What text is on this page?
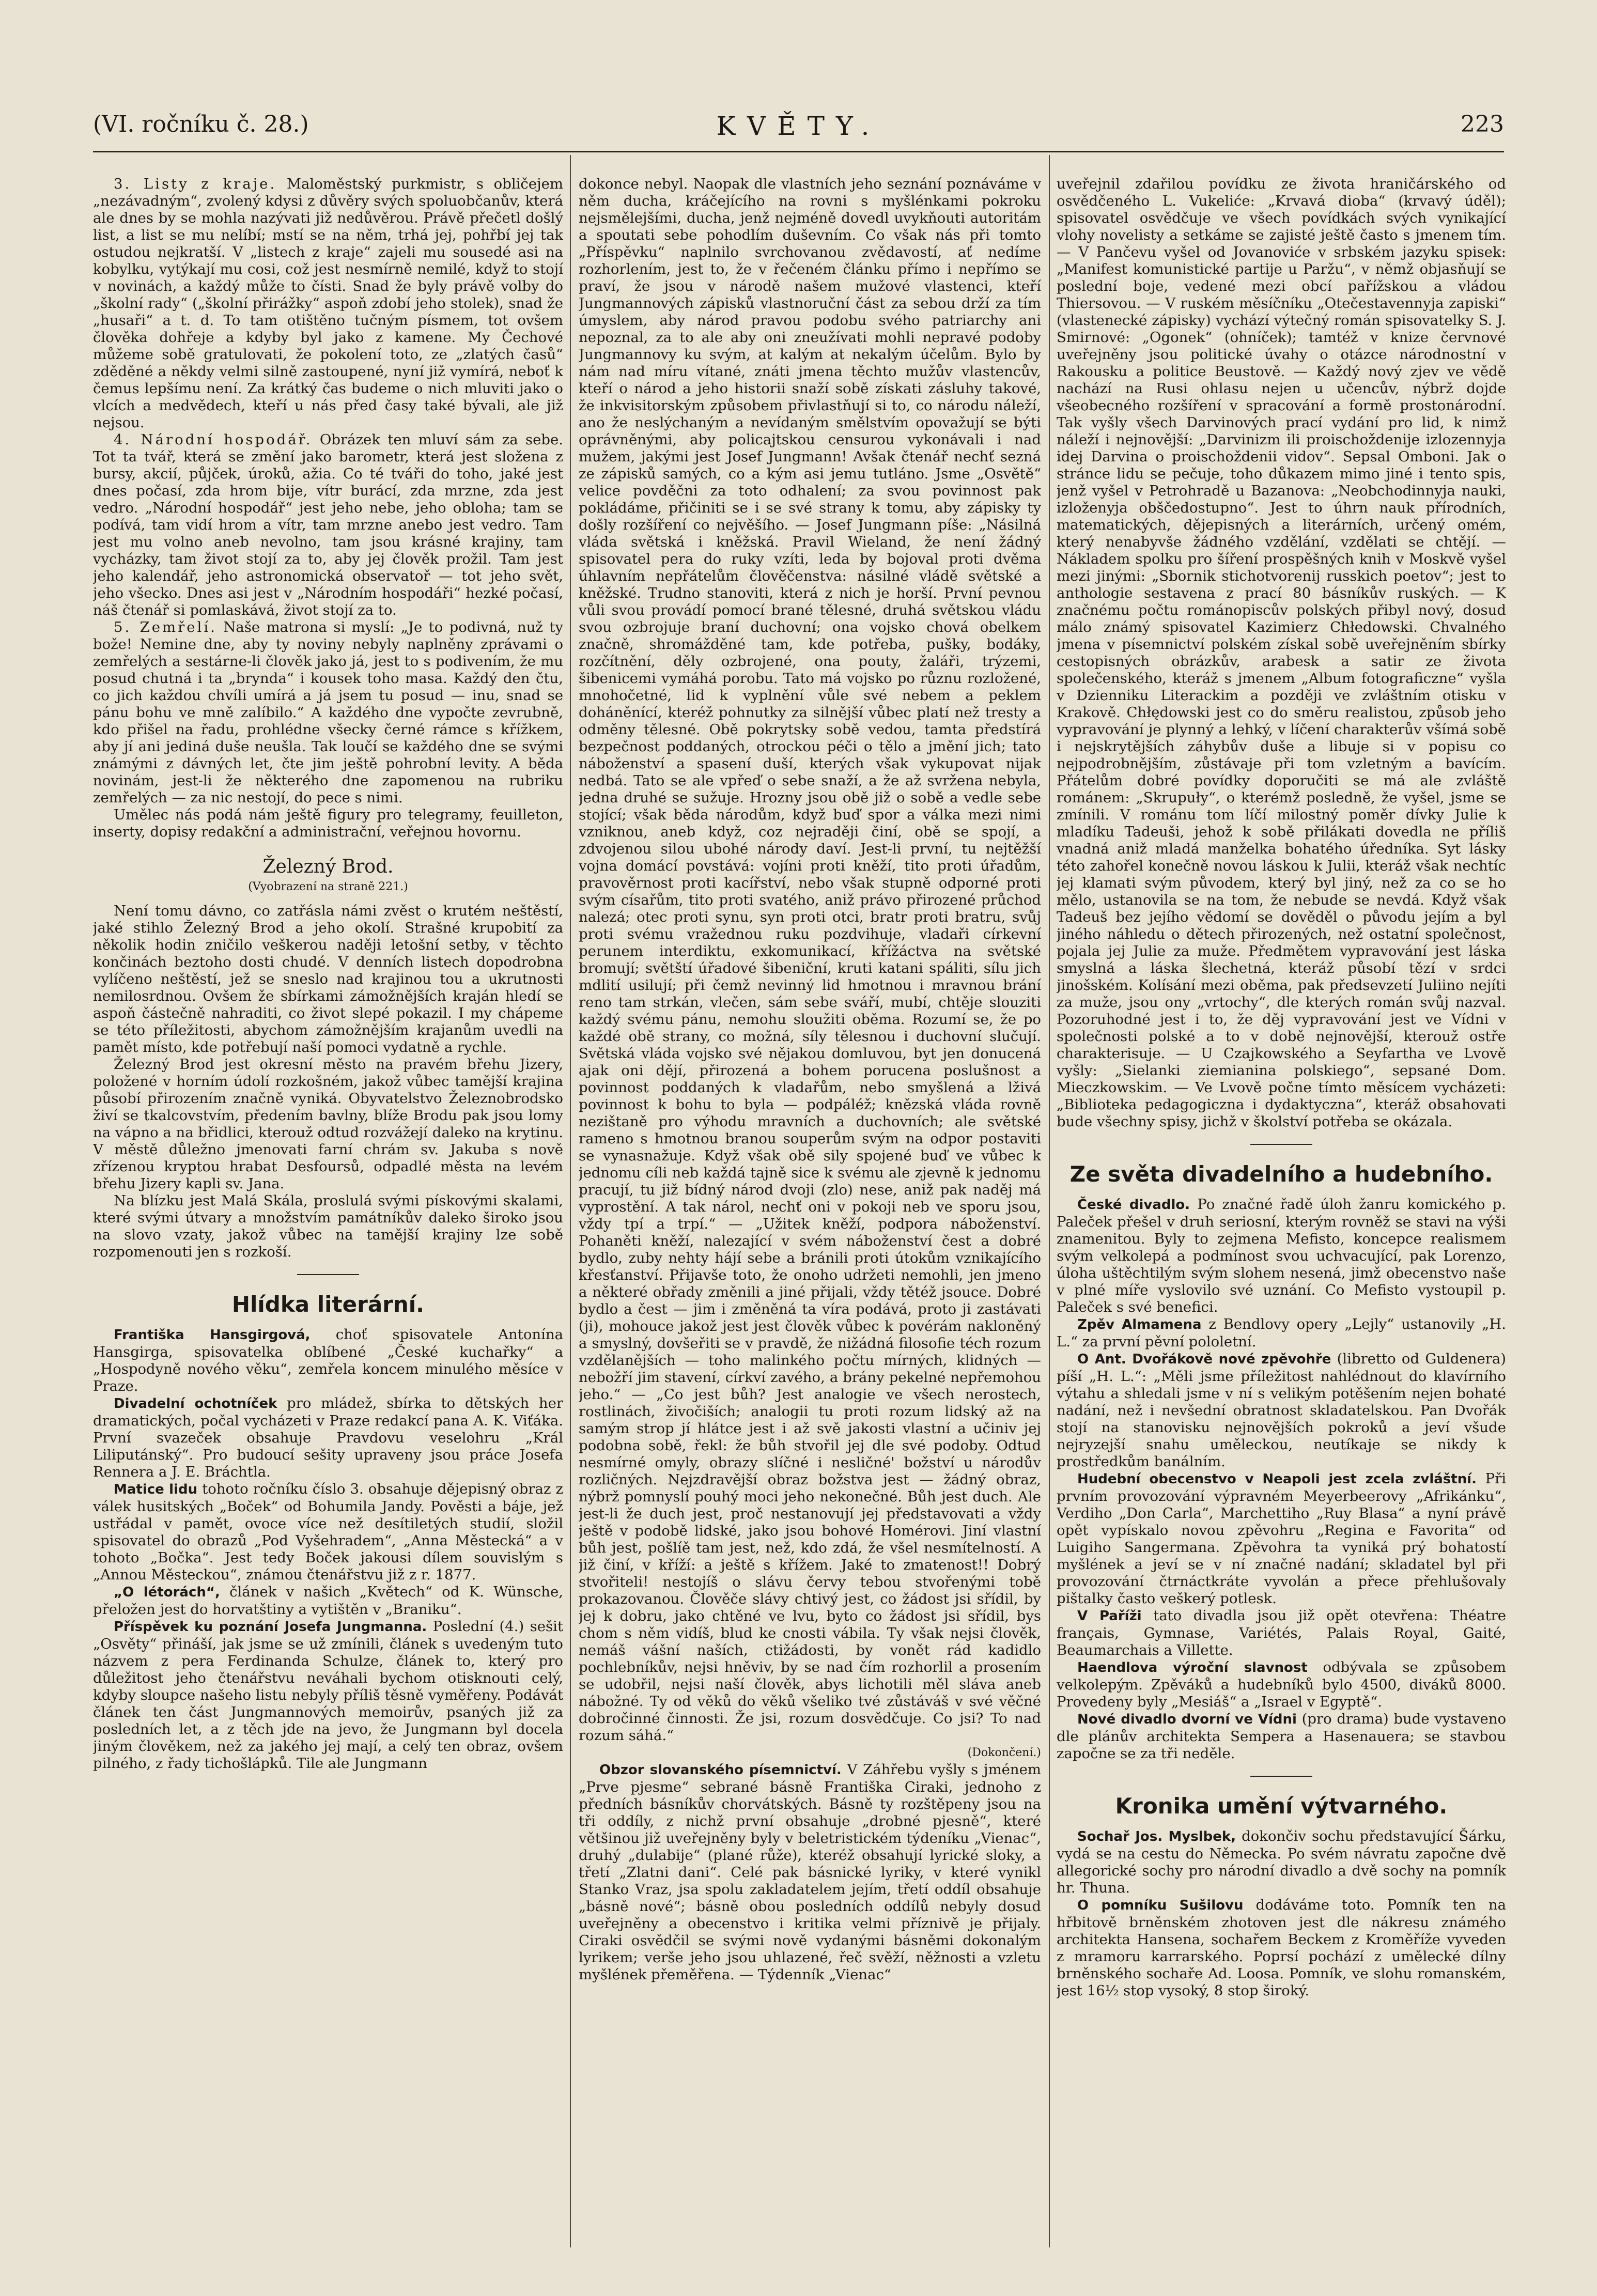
(VI. ročníku č. 28.)	KVĚTY.	223

3. Listy z kraje. Maloměstský purkmistr, s obličejem „nezávadným“, zvolený kdysi z důvěry svých spoluobčanův, která ale dnes by se mohla nazývati již nedůvěrou. Právě přečetl došlý list, a list se mu nelíbí; mstí se na něm, trhá jej, pohřbí jej tak ostudou nejkratší. V „listech z kraje“ zajeli mu sousedé asi na kobylku, vytýkají mu cosi, což jest nesmírně nemilé, když to stojí v novinách, a každý může to čísti. Snad že byly právě volby do „školní rady“ („školní přirážky“ aspoň zdobí jeho stolek), snad že „husaři“ a t. d. To tam otištěno tučným písmem, tot ovšem člověka dohřeje a kdyby byl jako z kamene. My Čechové můžeme sobě gratulovati, že pokolení toto, ze „zlatých časů“ zděděné a někdy velmi silně zastoupené, nyní již vymírá, neboť k čemus lepšímu není. Za krátký čas budeme o nich mluviti jako o vlcích a medvědech, kteří u nás před časy také bývali, ale již nejsou.

4. Národní hospodář. Obrázek ten mluví sám za sebe. Tot ta tvář, která se změní jako barometr, která jest složena z bursy, akcií, půjček, úroků, ažia. Co té tváři do toho, jaké jest dnes počasí, zda hrom bije, vítr burácí, zda mrzne, zda jest vedro. „Národní hospodář“ jest jeho nebe, jeho obloha; tam se podívá, tam vidí hrom a vítr, tam mrzne anebo jest vedro. Tam jest mu volno aneb nevolno, tam jsou krásné krajiny, tam vycházky, tam život stojí za to, aby jej člověk prožil. Tam jest jeho kalendář, jeho astronomická observatoř — tot jeho svět, jeho všecko. Dnes asi jest v „Národním hospodáři“ hezké počasí, náš čtenář si pomlaskává, život stojí za to.

5. Zemřelí. Naše matrona si myslí: „Je to podivná, nuž ty bože! Nemine dne, aby ty noviny nebyly naplněny zprávami o zemřelých a sestárne-li člověk jako já, jest to s podivením, že mu posud chutná i ta „brynda“ i kousek toho masa. Každý den čtu, co jich každou chvíli umírá a já jsem tu posud — inu, snad se pánu bohu ve mně zalíbilo.“ A každého dne vypočte zevrubně, kdo přišel na řadu, prohlédne všecky černé rámce s křížkem, aby jí ani jediná duše neušla. Tak loučí se každého dne se svými známými z dávných let, čte jim ještě pohrobní levity. A běda novinám, jest-li že některého dne zapomenou na rubriku zemřelých — za nic nestojí, do pece s nimi.

Umělec nás podá nám ještě figury pro telegramy, feuilleton, inserty, dopisy redakční a administrační, veřejnou hovornu.

Železný Brod.

(Vyobrazení na straně 221.)

Není tomu dávno, co zatřásla námi zvěst o krutém neštěstí, jaké stihlo Železný Brod a jeho okolí. Strašné krupobití za několik hodin zničilo veškerou naději letošní setby, v těchto končinách beztoho dosti chudé. V denních listech dopodrobna vylíčeno neštěstí, jež se sneslo nad krajinou tou a ukrutnosti nemilosrdnou. Ovšem že sbírkami zámožnějších kraján hledí se aspoň částečně nahraditi, co život slepé pokazil. I my chápeme se této příležitosti, abychom zámožnějším krajanům uvedli na pamět místo, kde potřebují naší pomoci vydatně a rychle.

Železný Brod jest okresní město na pravém břehu Jizery, položené v horním údolí rozkošném, jakož vůbec tamější krajina působí přirozením značně vyniká. Obyvatelstvo Železnobrodsko živí se tkalcovstvím, předením bavlny, blíže Brodu pak jsou lomy na vápno a na břidlici, kterouž odtud rozvážejí daleko na krytinu. V městě důležno jmenovati farní chrám sv. Jakuba s nově zřízenou kryptou hrabat Desfoursů, odpadlé města na levém břehu Jizery kapli sv. Jana.

Na blízku jest Malá Skála, proslulá svými pískovými skalami, které svými útvary a množstvím památníkův daleko široko jsou na slovo vzaty, jakož vůbec na tamější krajiny lze sobě rozpomenouti jen s rozkoší.

Hlídka literární.

Františka Hansgirgová, choť spisovatele Antonína Hansgirga, spisovatelka oblíbené „České kuchařky“ a „Hospodyně nového věku“, zemřela koncem minulého měsíce v Praze.

Divadelní ochotníček pro mládež, sbírka to dětských her dramatických, počal vycházeti v Praze redakcí pana A. K. Viťáka. První svazeček obsahuje Pravdovu veselohru „Král Liliputánský“. Pro budoucí sešity upraveny jsou práce Josefa Rennera a J. E. Bráchtla.

Matice lidu tohoto ročníku číslo 3. obsahuje dějepisný obraz z válek husitských „Boček“ od Bohumila Jandy. Pověsti a báje, jež ustřádal v pamět, ovoce více než desítiletých studií, složil spisovatel do obrazů „Pod Vyšehradem“, „Anna Městecká“ a v tohoto „Bočka“. Jest tedy Boček jakousi dílem souvislým s „Annou Městeckou“, známou čtenářstvu již z r. 1877.

„O létorách“, článek v našich „Květech“ od K. Wünsche, přeložen jest do horvatštiny a vytištěn v „Braniku“.

Příspěvek ku poznání Josefa Jungmanna. Poslední (4.) sešit „Osvěty“ přináší, jak jsme se už zmínili, článek s uvedeným tuto názvem z pera Ferdinanda Schulze, článek to, který pro důležitost jeho čtenářstvu neváhali bychom otisknouti celý, kdyby sloupce našeho listu nebyly příliš těsně vyměřeny. Podávát článek ten část Jungmannových memoirův, psaných již za posledních let, a z těch jde na jevo, že Jungmann byl docela jiným člověkem, než za jakého jej mají, a celý ten obraz, ovšem pilného, z řady tichošlápků. Tile ale Jungmann

dokonce nebyl. Naopak dle vlastních jeho seznání poznáváme v něm ducha, kráčejícího na rovni s myšlénkami pokroku nejsmělejšími, ducha, jenž nejméně dovedl uvykňouti autoritám a spoutati sebe pohodlím duševním. Co však nás při tomto „Příspěvku“ naplnilo svrchovanou zvědavostí, ať nedíme rozhorlením, jest to, že v řečeném článku přímo i nepřímo se praví, že jsou v národě našem mužové vlastenci, kteří Jungmannových zápisků vlastnoruční část za sebou drží za tím úmyslem, aby národ pravou podobu svého patriarchy ani nepoznal, za to ale aby oni zneužívati mohli nepravé podoby Jungmannovy ku svým, at kalým at nekalým účelům. Bylo by nám nad míru vítané, znáti jmena těchto mužův vlastencův, kteří o národ a jeho historii snaží sobě získati zásluhy takové, že inkvisitorským způsobem přivlastňují si to, co národu náleží, ano že neslýchaným a nevídaným smělstvím opovažují se býti oprávněnými, aby policajtskou censurou vykonávali i nad mužem, jakými jest Josef Jungmann! Avšak čtenář nechť sezná ze zápisků samých, co a kým asi jemu tutláno. Jsme „Osvětě“ velice povděčni za toto odhalení; za svou povinnost pak pokládáme, přičiniti se i se své strany k tomu, aby zápisky ty došly rozšíření co nejvěšího. — Josef Jungmann píše: „Násilná vláda světská i kněžská. Pravil Wieland, že není žádný spisovatel pera do ruky vzíti, leda by bojoval proti dvěma úhlavním nepřátelům člověčenstva: násilné vládě světské a kněžské. Trudno stanoviti, která z nich je horší. První pevnou vůli svou provádí pomocí brané tělesné, druhá světskou vládu svou ozbrojuje braní duchovní; ona vojsko chová obelkem značně, shromážděné tam, kde potřeba, pušky, bodáky, rozčítnění, děly ozbrojené, ona pouty, žaláři, trýzemi, šibenicemi vymáhá porobu. Tato má vojsko po různu rozložené, mnohočetné, lid k vyplnění vůle své nebem a peklem doháněnící, kteréž pohnutky za silnější vůbec platí než tresty a odměny tělesné. Obě pokrytsky sobě vedou, tamta předstírá bezpečnost poddaných, otrockou péči o tělo a jmění jich; tato náboženství a spasení duší, kterých však vykupovat nijak nedbá. Tato se ale vpřeď o sebe snaží, a že až svržena nebyla, jedna druhé se sužuje. Hrozny jsou obě již o sobě a vedle sebe stojící; však běda národům, když buď spor a válka mezi nimi vzniknou, aneb když, coz nejraději činí, obě se spojí, a zdvojenou silou ubohé národy daví. Jest-li první, tu nejtěžší vojna domácí povstává: vojíni proti kněží, tito proti úřadům, pravověrnost proti kacířství, nebo však stupně odporné proti svým císařům, tito proti svatého, aniž právo přirozené průchod nalezá; otec proti synu, syn proti otci, bratr proti bratru, svůj proti svému vražednou ruku pozdvihuje, vladaři církevní perunem interdiktu, exkomunikací, křížáctva na světské bromují; světští úřadové šibeniční, kruti katani spáliti, sílu jich mdlití usilují; při čemž nevinný lid hmotnou i mravnou brání reno tam strkán, vlečen, sám sebe sváří, mubí, chtěje slouziti každý svému pánu, nemohu sloužiti oběma. Rozumí se, že po každé obě strany, co možná, síly tělesnou i duchovní slučují. Světská vláda vojsko své nějakou domluvou, byt jen donucená ajak oni dějí, přirozená a bohem porucena poslušnost a povinnost poddaných k vladařům, nebo smyšlená a lživá povinnost k bohu to byla — podpáléž; knězská vláda rovně nezištaně pro výhodu mravních a duchovních; ale světské rameno s hmotnou branou souperům svým na odpor postaviti se vynasnažuje. Když však obě sily spojené buď ve vůbec k jednomu cíli neb každá tajně sice k svému ale zjevně k jednomu pracují, tu již bídný národ dvoji (zlo) nese, aniž pak naděj má vyprostění. A tak nárol, nechť oni v pokoji neb ve sporu jsou, vždy tpí a trpí.“ — „Užitek kněží, podpora náboženství. Pohaněti kněží, nalezající v svém náboženství čest a dobré bydlo, zuby nehty hájí sebe a bránili proti útokům vznikajícího křesťanství. Přijavše toto, že onoho udržeti nemohli, jen jmeno a některé obřady změnili a jiné přijali, vždy tětéž jsouce. Dobré bydlo a čest — jim i změněná ta víra podává, proto ji zastávati (ji), mohouce jakož jest jest člověk vůbec k povérám nakloněný a smyslný, dovšeřiti se v pravdě, že nižádná filosofie téch rozum vzdělanějších — toho malinkého počtu mírných, klidných — nebožří jim stavení, církví zavého, a brány pekelné nepřemohou jeho.“ — „Co jest bůh? Jest analogie ve všech nerostech, rostlinách, živočiších; analogii tu proti rozum lidský až na samým strop jí hlátce jest i až svě jakosti vlastní a učiniv jej podobna sobě, řekl: že bůh stvořil jej dle své podoby. Odtud nesmírné omyly, obrazy slíčné i nesličné' božství u národův rozličných. Nejzdravější obraz božstva jest — žádný obraz, nýbrž pomnyslí pouhý moci jeho nekonečné. Bůh jest duch. Ale jest-li že duch jest, proč nestanovují jej představovati a vždy ještě v podobě lidské, jako jsou bohové Homérovi. Jiní vlastní bůh jest, pošlíě tam jest, než, kdo zdá, že všel nesmítelností. A již činí, v kříží: a ještě s křížem. Jaké to zmatenost!! Dobrý stvořiteli! nestojíš o slávu červy tebou stvořenými tobě prokazovanou. Člověče slávy chtivý jest, co žádost jsi sřídil, by jej k dobru, jako chtěné ve lvu, byto co žádost jsi sřídil, bys chom s něm vidíš, blud ke cnosti vábila. Ty však nejsi člověk, nemáš vášní naších, ctižádosti, by vonět rád kadidlo pochlebníkův, nejsi hněviv, by se nad čím rozhorlil a prosením se udobřil, nejsi naší člověk, abys lichotili měl sláva aneb nábožné. Ty od věků do věků všeliko tvé zůstáváš v své věčné dobročinné činnosti. Že jsi, rozum dosvědčuje. Co jsi? To nad rozum sáhá.“

(Dokončení.)

Obzor slovanského písemnictví. V Záhřebu vyšly s jménem „Prve pjesme“ sebrané básně Františka Ciraki, jednoho z předních básníkův chorvátských. Básně ty rozštěpeny jsou na tři oddíly, z nichž první obsahuje „drobné pjesně“, které většinou již uveřejněny byly v beletristickém týdeníku „Vienac“, druhý „dulabije“ (plané růže), kteréž obsahují lyrické sloky, a třetí „Zlatni dani“. Celé pak básnické lyriky, v které vynikl Stanko Vraz, jsa spolu zakladatelem jejím, třetí oddíl obsahuje „básně nové“; básně obou posledních oddílů nebyly dosud uveřejněny a obecenstvo i kritika velmi příznivě je přijaly. Ciraki osvědčil se svými nově vydanými básněmi dokonalým lyrikem; verše jeho jsou uhlazené, řeč svěží, něžnosti a vzletu myšlének přeměřena. — Týdenník „Vienac“

uveřejnil zdařilou povídku ze života hraničárského od osvědčeného L. Vukeliće: „Krvavá dioba“ (krvavý úděl); spisovatel osvědčuje ve všech povídkách svých vynikající vlohy novelisty a setkáme se zajisté ještě často s jmenem tím. — V Pančevu vyšel od Jovanoviće v srbském jazyku spisek: „Manifest komunistické partije u Paržu“, v němž objasňují se poslední boje, vedené mezi obcí pařížskou a vládou Thiersovou. — V ruském měsíčníku „Otečestavennyja zapiski“ (vlastenecké zápisky) vychází výtečný román spisovatelky S. J. Smirnové: „Ogonek“ (ohníček); tamtéž v knize červnové uveřejněny jsou politické úvahy o otázce národnostní v Rakousku a politice Beustově. — Každý nový zjev ve vědě nachází na Rusi ohlasu nejen u učencův, nýbrž dojde všeobecného rozšíření v spracování a formě prostonárodní. Tak vyšly všech Darvinových prací vydání pro lid, k nimž náleží i nejnovější: „Darvinizm ili proischoždenije izlozennyja idej Darvina o proischoždenii vidov“. Sepsal Omboni. Jak o stránce lidu se pečuje, toho důkazem mimo jiné i tento spis, jenž vyšel v Petrohradě u Bazanova: „Neobchodinnyja nauki, izloženyja obščedostupno“. Jest to úhrn nauk přírodních, matematických, dějepisných a literárních, určený omém, který nenabyvše žádného vzdělání, vzdělati se chtějí. — Nákladem spolku pro šíření prospěšných knih v Moskvě vyšel mezi jinými: „Sbornik stichotvorenij russkich poetov“; jest to anthologie sestavena z prací 80 básníkův ruských. — K značnému počtu románopiscův polských přibyl nový, dosud málo známý spisovatel Kazimierz Chłedowski. Chvalného jmena v písemnictví polském získal sobě uveřejněním sbírky cestopisných obrázkův, arabesk a satir ze života společenského, kteráž s jmenem „Album fotograficzne“ vyšla v Dzienniku Literackim a později ve zvláštním otisku v Krakově. Chłędowski jest co do směru realistou, způsob jeho vypravování je plynný a lehký, v líčení charakterův všímá sobě i nejskrytějších záhybův duše a libuje si v popisu co nejpodrobnějším, zůstávaje při tom vzletným a bavícím. Přátelům dobré povídky doporučiti se má ale zvláště románem: „Skrupuły“, o kterémž posledně, že vyšel, jsme se zmínili. V románu tom líčí milostný poměr dívky Julie k mladíku Tadeuši, jehož k sobě přilákati dovedla ne příliš vnadná aniž mladá manželka bohatého úředníka. Syt lásky této zahořel konečně novou láskou k Julii, kteráž však nechtíc jej klamati svým původem, který byl jiný, než za co se ho mělo, ustanovila se na tom, že nebude se nevdá. Když však Tadeuš bez jejího vědomí se dověděl o původu jejím a byl jiného náhledu o dětech přirozených, než ostatní společnost, pojala jej Julie za muže. Předmětem vypravování jest láska smyslná a láska šlechetná, kteráž působí tězí v srdci jinošském. Kolísání mezi oběma, pak předsevzetí Juliino nejíti za muže, jsou ony „vrtochy“, dle kterých román svůj nazval. Pozoruhodné jest i to, že děj vypravování jest ve Vídni v společnosti polské a to v době nejnovější, kterouž ostře charakterisuje. — U Czajkowského a Seyfartha ve Lvově vyšly: „Sielanki ziemianina polskiego“, sepsané Dom. Mieczkowskim. — Ve Lvově počne tímto měsícem vycházeti: „Biblioteka pedagogiczna i dydaktyczna“, kteráž obsahovati bude všechny spisy, jichž v školství potřeba se okázala.

Ze světa divadelního a hudebního.

České divadlo. Po značné řadě úloh žanru komického p. Paleček přešel v druh seriosní, kterým rovněž se stavi na výši znamenitou. Byly to zejmena Mefisto, koncepce realismem svým velkolepá a podmínost svou uchvacující, pak Lorenzo, úloha uštěchtilým svým slohem nesená, jimž obecenstvo naše v plné míře vyslovilo své uznání. Co Mefisto vystoupil p. Paleček s své benefici.

Zpěv Almamena z Bendlovy opery „Lejly“ ustanovily „H. L.“ za první pěvní pololetní.

O Ant. Dvořákově nové zpěvohře (libretto od Guldenera) píší „H. L.“: „Měli jsme příležitost nahlédnout do klavírního výtahu a shledali jsme v ní s velikým potěšením nejen bohaté nadání, než i nevšední obratnost skladatelskou. Pan Dvořák stojí na stanovisku nejnovějších pokroků a jeví všude nejryzejší snahu uměleckou, neutíkaje se nikdy k prostředkům banálním.

Hudební obecenstvo v Neapoli jest zcela zvláštní. Při prvním provozování výpravném Meyerbeerovy „Afrikánku“, Verdiho „Don Carla“, Marchettiho „Ruy Blasa“ a nyní právě opět vypískalo novou zpěvohru „Regina e Favorita“ od Luigiho Sangermana. Zpěvohra ta vyniká prý bohatostí myšlének a jeví se v ní značné nadání; skladatel byl při provozování čtrnáctkráte vyvolán a přece přehlušovaly pištalky často veškerý potlesk.

V Paříži tato divadla jsou již opět otevřena: Théatre français, Gymnase, Variétés, Palais Royal, Gaité, Beaumarchais a Villette.

Haendlova výroční slavnost odbývala se způsobem velkolepým. Zpěváků a hudebníků bylo 4500, diváků 8000. Provedeny byly „Mesiáš“ a „Israel v Egyptě“.

Nové divadlo dvorní ve Vídni (pro drama) bude vystaveno dle plánův architekta Sempera a Hasenauera; se stavbou započne se za tři neděle.

Kronika umění výtvarného.

Sochař Jos. Myslbek, dokončiv sochu představující Šárku, vydá se na cestu do Německa. Po svém návratu započne dvě allegorické sochy pro národní divadlo a dvě sochy na pomník hr. Thuna.

O pomníku Sušilovu dodáváme toto. Pomník ten na hřbitově brněnském zhotoven jest dle nákresu známého architekta Hansena, sochařem Beckem z Kroměříže vyveden z mramoru karrarského. Poprsí pochází z umělecké dílny brněnského sochaře Ad. Loosa. Pomník, ve slohu romanském, jest 16½ stop vysoký, 8 stop široký.
